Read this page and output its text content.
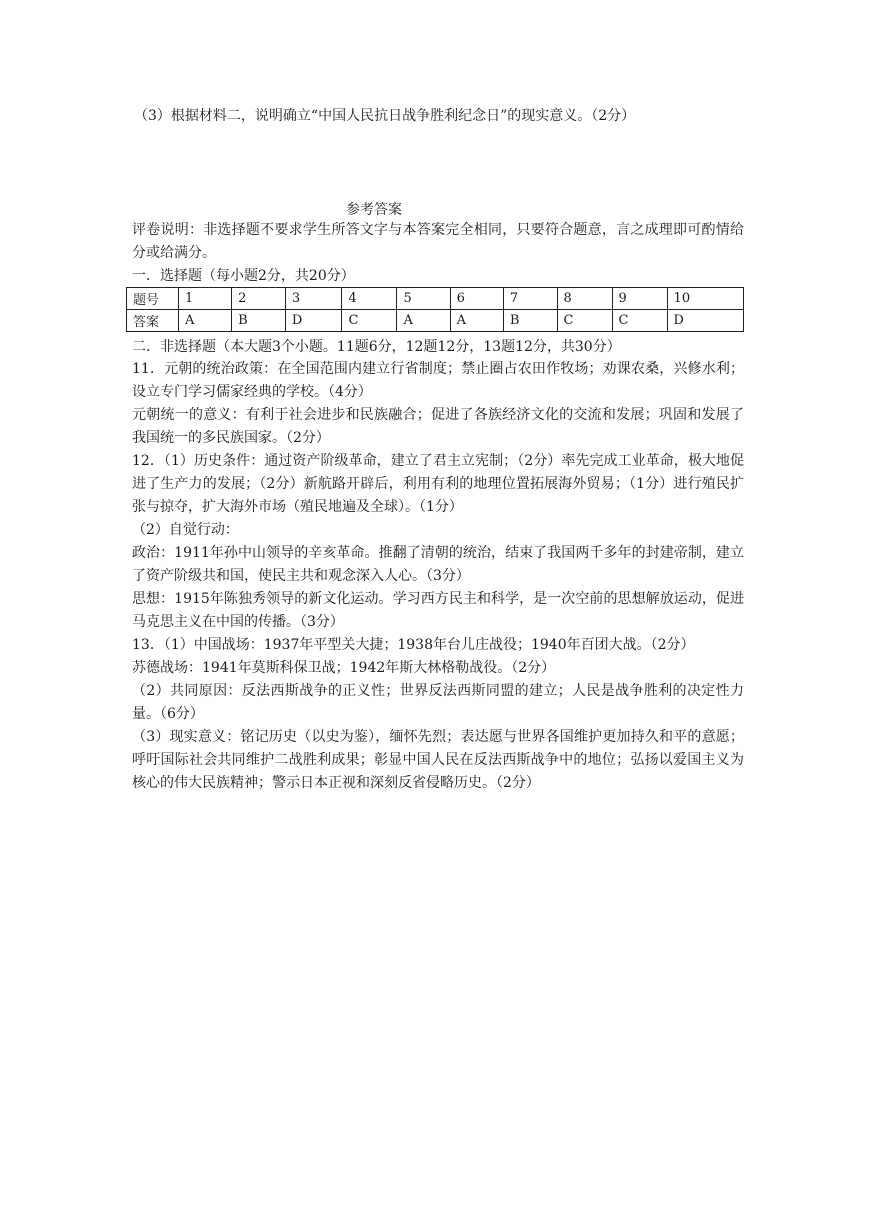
（3）根据材料二，说明确立“中国人民抗日战争胜利纪念日”的现实意义。（2分）
参考答案
评卷说明：非选择题不要求学生所答文字与本答案完全相同，只要符合题意，言之成理即可酌情给分或给满分。
一．选择题（每小题2分，共20分）
题号	1	2	3	4	5	6	7	8	9	10
答案	A	B	D	C	A	A	B	C	C	D
二．非选择题（本大题3个小题。11题6分，12题12分，13题12分，共30分）
11．元朝的统治政策：在全国范围内建立行省制度；禁止圈占农田作牧场；劝课农桑，兴修水利；设立专门学习儒家经典的学校。（4分）
元朝统一的意义：有利于社会进步和民族融合；促进了各族经济文化的交流和发展；巩固和发展了我国统一的多民族国家。（2分）
12．（1）历史条件：通过资产阶级革命，建立了君主立宪制；（2分）率先完成工业革命，极大地促进了生产力的发展；（2分）新航路开辟后，利用有利的地理位置拓展海外贸易；（1分）进行殖民扩张与掠夺，扩大海外市场（殖民地遍及全球）。（1分）
（2）自觉行动：
政治：1911年孙中山领导的辛亥革命。推翻了清朝的统治，结束了我国两千多年的封建帝制，建立了资产阶级共和国，使民主共和观念深入人心。（3分）
思想：1915年陈独秀领导的新文化运动。学习西方民主和科学，是一次空前的思想解放运动，促进马克思主义在中国的传播。（3分）
13．（1）中国战场：1937年平型关大捷；1938年台儿庄战役；1940年百团大战。（2分）
苏德战场：1941年莫斯科保卫战；1942年斯大林格勒战役。（2分）
（2）共同原因：反法西斯战争的正义性；世界反法西斯同盟的建立；人民是战争胜利的决定性力量。（6分）
（3）现实意义：铭记历史（以史为鉴），缅怀先烈；表达愿与世界各国维护更加持久和平的意愿；呼吁国际社会共同维护二战胜利成果；彰显中国人民在反法西斯战争中的地位；弘扬以爱国主义为核心的伟大民族精神；警示日本正视和深刻反省侵略历史。（2分）
